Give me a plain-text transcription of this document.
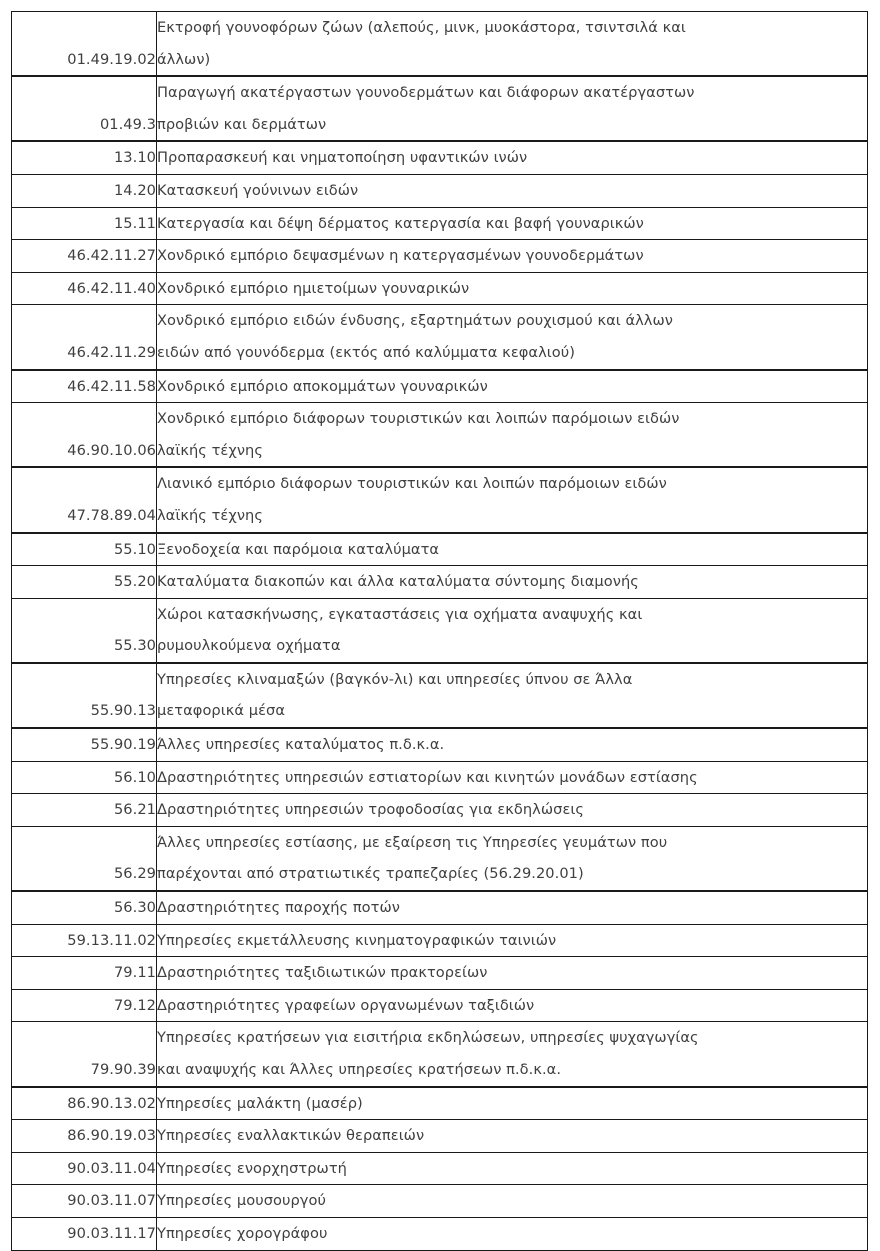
01.49.19.02	Εκτροφή γουνοφόρων ζώων (αλεπούς, μινκ, μυοκάστορα, τσιντσιλά και
άλλων)

01.49.3	Παραγωγή ακατέργαστων γουνοδερμάτων και διάφορων ακατέργαστων
προβιών και δερμάτων

13.10	Προπαρασκευή και νηματοποίηση υφαντικών ινών

14.20	Κατασκευή γούνινων ειδών

15.11	Κατεργασία και δέψη δέρματος κατεργασία και βαφή γουναρικών

46.42.11.27	Χονδρικό εμπόριο δεψασμένων η κατεργασμένων γουνοδερμάτων

46.42.11.40	Χονδρικό εμπόριο ημιετοίμων γουναρικών

46.42.11.29	Χονδρικό εμπόριο ειδών ένδυσης, εξαρτημάτων ρουχισμού και άλλων
ειδών από γουνόδερμα (εκτός από καλύμματα κεφαλιού)

46.42.11.58	Χονδρικό εμπόριο αποκομμάτων γουναρικών

46.90.10.06	Χονδρικό εμπόριο διάφορων τουριστικών και λοιπών παρόμοιων ειδών
λαϊκής τέχνης

47.78.89.04	Λιανικό εμπόριο διάφορων τουριστικών και λοιπών παρόμοιων ειδών
λαϊκής τέχνης

55.10	Ξενοδοχεία και παρόμοια καταλύματα

55.20	Καταλύματα διακοπών και άλλα καταλύματα σύντομης διαμονής

55.30	Χώροι κατασκήνωσης, εγκαταστάσεις για οχήματα αναψυχής και
ρυμουλκούμενα οχήματα

55.90.13	Υπηρεσίες κλιναμαξών (βαγκόν-λι) και υπηρεσίες ύπνου σε Άλλα
μεταφορικά μέσα

55.90.19	Άλλες υπηρεσίες καταλύματος π.δ.κ.α.

56.10	Δραστηριότητες υπηρεσιών εστιατορίων και κινητών μονάδων εστίασης

56.21	Δραστηριότητες υπηρεσιών τροφοδοσίας για εκδηλώσεις

56.29	Άλλες υπηρεσίες εστίασης, με εξαίρεση τις Υπηρεσίες γευμάτων που
παρέχονται από στρατιωτικές τραπεζαρίες (56.29.20.01)

56.30	Δραστηριότητες παροχής ποτών

59.13.11.02	Υπηρεσίες εκμετάλλευσης κινηματογραφικών ταινιών

79.11	Δραστηριότητες ταξιδιωτικών πρακτορείων

79.12	Δραστηριότητες γραφείων οργανωμένων ταξιδιών

79.90.39	Υπηρεσίες κρατήσεων για εισιτήρια εκδηλώσεων, υπηρεσίες ψυχαγωγίας
και αναψυχής και Άλλες υπηρεσίες κρατήσεων π.δ.κ.α.

86.90.13.02	Υπηρεσίες μαλάκτη (μασέρ)

86.90.19.03	Υπηρεσίες εναλλακτικών θεραπειών

90.03.11.04	Υπηρεσίες ενορχηστρωτή

90.03.11.07	Υπηρεσίες μουσουργού

90.03.11.17	Υπηρεσίες χορογράφου
